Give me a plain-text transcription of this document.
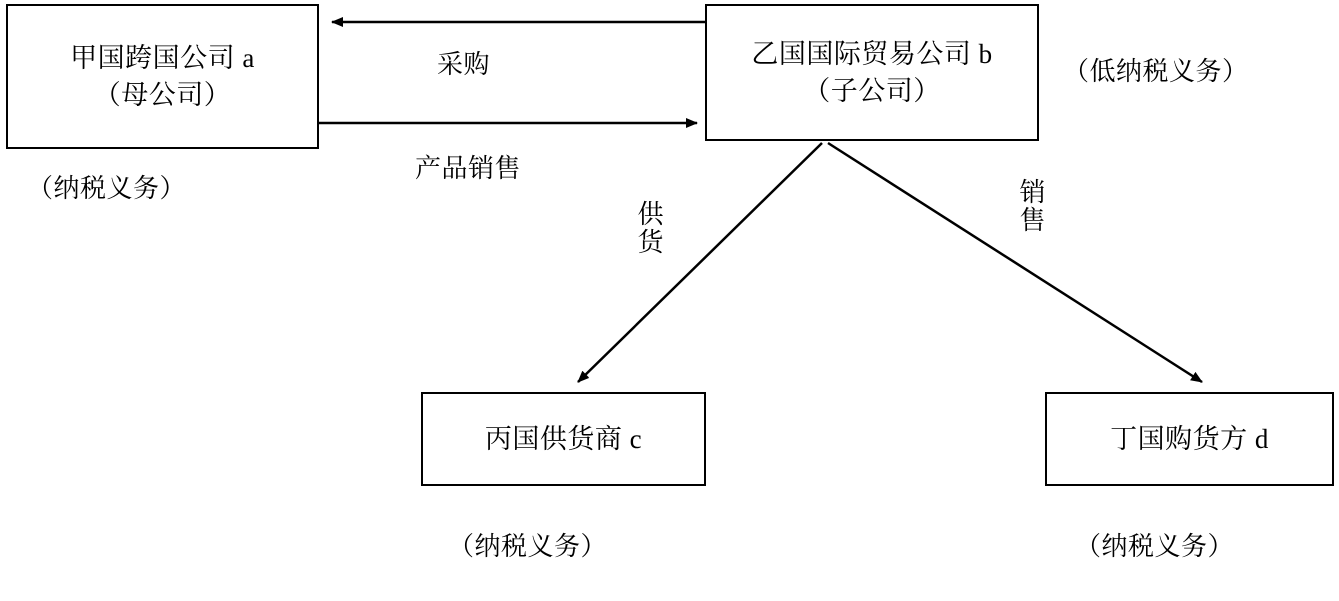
甲国跨国公司 a
（母公司）
（纳税义务）
乙国国际贸易公司 b
（子公司）
（低纳税义务）
丙国供货商 c
（纳税义务）
丁国购货方 d
（纳税义务）
采购
产品销售
供货	销售
